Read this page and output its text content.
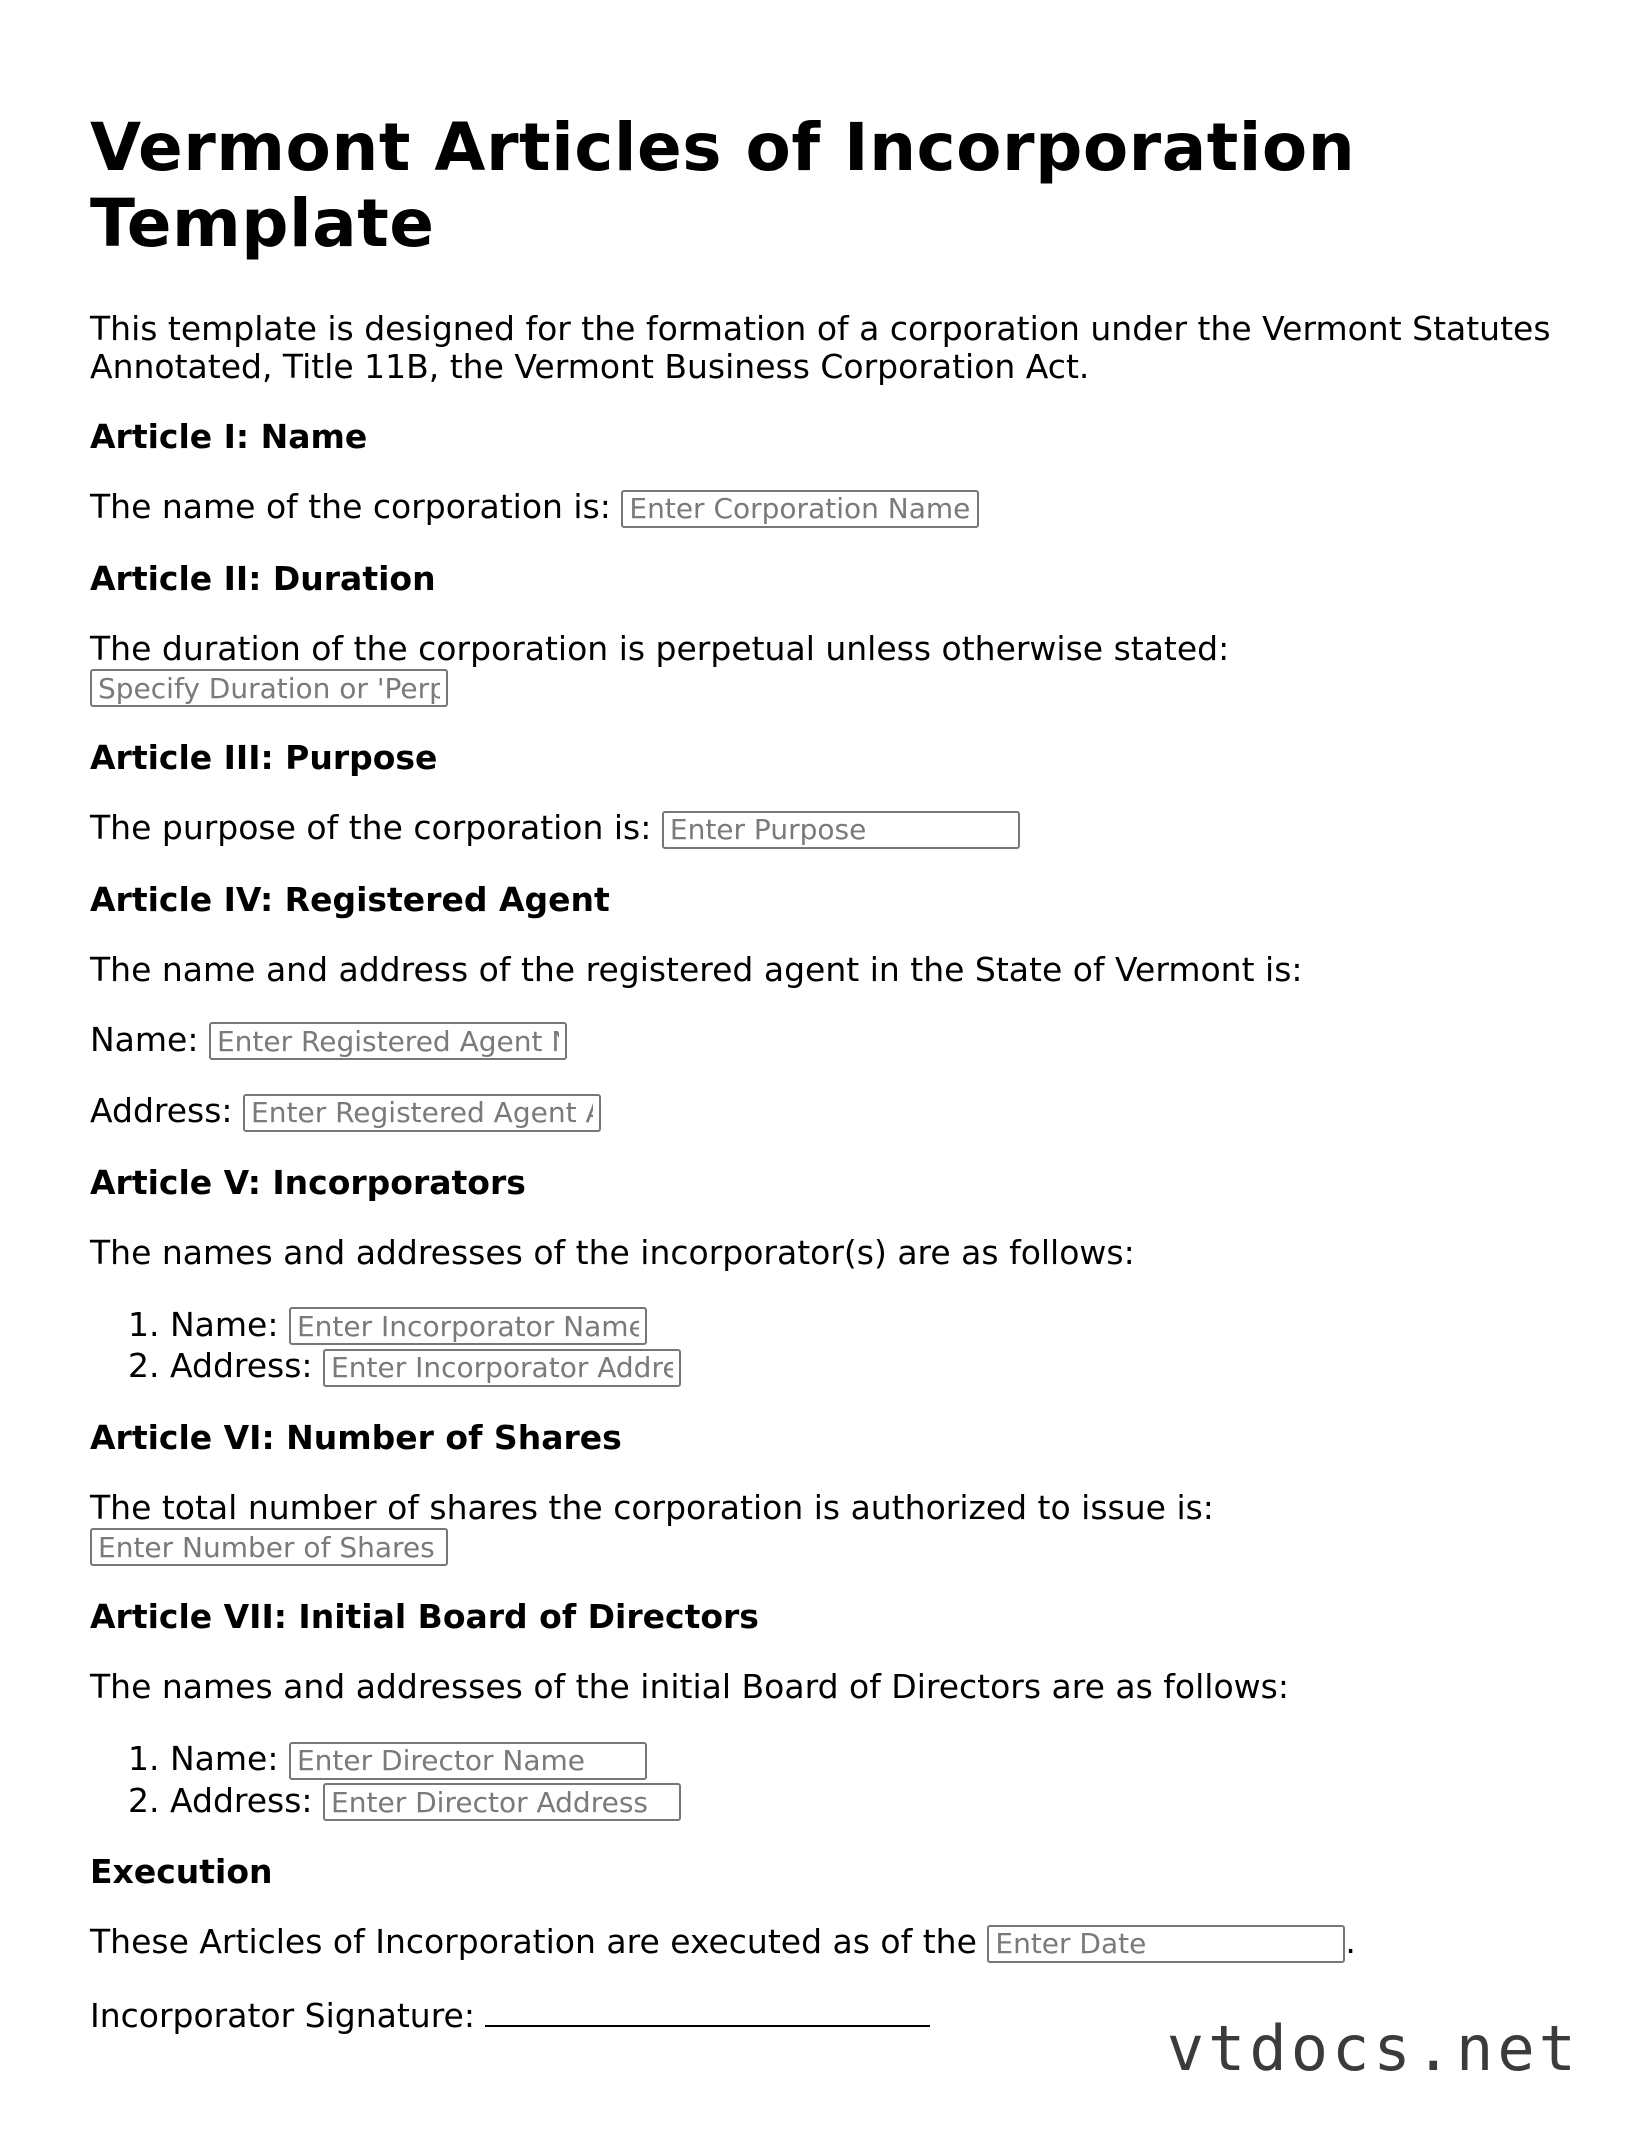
Vermont Articles of Incorporation Template

This template is designed for the formation of a corporation under the Vermont Statutes Annotated, Title 11B, the Vermont Business Corporation Act.

Article I: Name

The name of the corporation is: Enter Corporation Name

Article II: Duration

The duration of the corporation is perpetual unless otherwise stated:
Specify Duration or 'Perpetual'

Article III: Purpose

The purpose of the corporation is: Enter Purpose

Article IV: Registered Agent

The name and address of the registered agent in the State of Vermont is:

Name: Enter Registered Agent Name

Address: Enter Registered Agent Address

Article V: Incorporators

The names and addresses of the incorporator(s) are as follows:

1. Name: Enter Incorporator Name
2. Address: Enter Incorporator Address
Article VI: Number of Shares

The total number of shares the corporation is authorized to issue is: Enter Number of Shares

Article VII: Initial Board of Directors

The names and addresses of the initial Board of Directors are as follows:

1. Name: Enter Director Name
2. Address: Enter Director Address
Execution

These Articles of Incorporation are executed as of the Enter Date	.

Incorporator Signature:	vtdocs.net
